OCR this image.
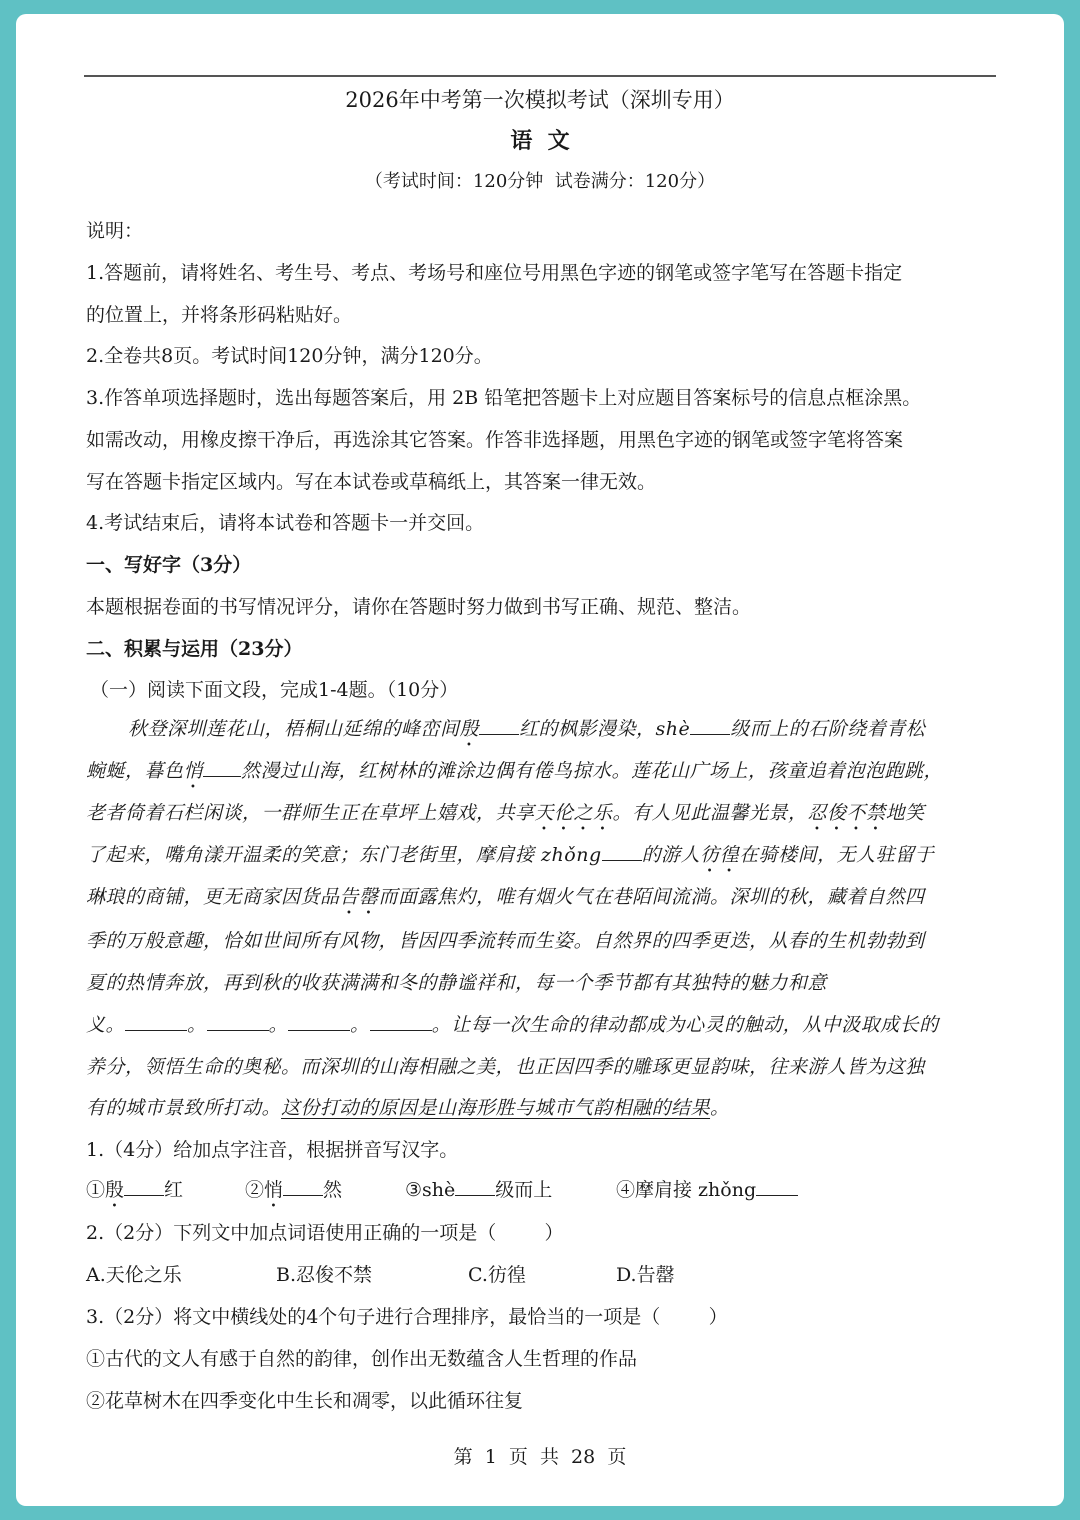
2026年中考第一次模拟考试（深圳专用）
语  文
（考试时间：120分钟  试卷满分：120分）
说明：
1.答题前，请将姓名、考生号、考点、考场号和座位号用黑色字迹的钢笔或签字笔写在答题卡指定
的位置上，并将条形码粘贴好。
2.全卷共8页。考试时间120分钟，满分120分。
3.作答单项选择题时，选出每题答案后，用 2B 铅笔把答题卡上对应题目答案标号的信息点框涂黑。
如需改动，用橡皮擦干净后，再选涂其它答案。作答非选择题，用黑色字迹的钢笔或签字笔将答案
写在答题卡指定区域内。写在本试卷或草稿纸上，其答案一律无效。
4.考试结束后，请将本试卷和答题卡一并交回。
一、写好字（3分）
本题根据卷面的书写情况评分，请你在答题时努力做到书写正确、规范、整洁。
二、积累与运用（23分）
（一）阅读下面文段，完成1-4题。（10分）
秋登深圳莲花山，梧桐山延绵的峰峦间殷 红的枫影漫染，shè 级而上的石阶绕着青松
蜿蜒，暮色悄 然漫过山海，红树林的滩涂边偶有倦鸟掠水。莲花山广场上，孩童追着泡泡跑跳，
老者倚着石栏闲谈，一群师生正在草坪上嬉戏，共享天伦之乐。有人见此温馨光景，忍俊不禁地笑
了起来，嘴角漾开温柔的笑意；东门老街里，摩肩接 zhǒng 的游人彷徨在骑楼间，无人驻留于
琳琅的商铺，更无商家因货品告罄而面露焦灼，唯有烟火气在巷陌间流淌。深圳的秋，藏着自然四
季的万般意趣，恰如世间所有风物，皆因四季流转而生姿。自然界的四季更迭，从春的生机勃勃到
夏的热情奔放，再到秋的收获满满和冬的静谧祥和，每一个季节都有其独特的魅力和意
义。	。	。	。	。让每一次生命的律动都成为心灵的触动，从中汲取成长的
养分，领悟生命的奥秘。而深圳的山海相融之美，也正因四季的雕琢更显韵味，往来游人皆为这独
有的城市景致所打动。这份打动的原因是山海形胜与城市气韵相融的结果。
1.（4分）给加点字注音，根据拼音写汉字。
①殷 红	②悄 然	③shè 级而上	④摩肩接 zhǒng
2.（2分）下列文中加点词语使用正确的一项是（        ）
A.天伦之乐	B.忍俊不禁	C.彷徨	D.告罄
3.（2分）将文中横线处的4个句子进行合理排序，最恰当的一项是（        ）
①古代的文人有感于自然的韵律，创作出无数蕴含人生哲理的作品
②花草树木在四季变化中生长和凋零，以此循环往复
第  1  页  共  28  页
